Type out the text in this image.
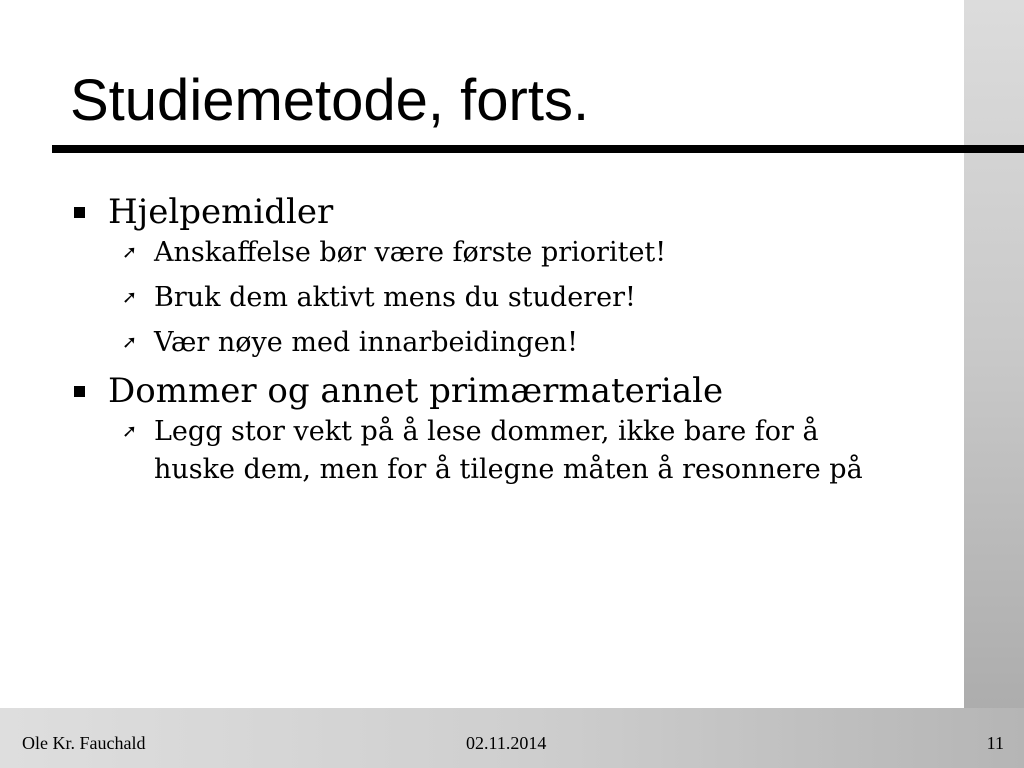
Studiemetode, forts.
Hjelpemidler
➚ Anskaffelse bør være første prioritet!
➚ Bruk dem aktivt mens du studerer!
➚ Vær nøye med innarbeidingen!
Dommer og annet primærmateriale
➚ Legg stor vekt på å lese dommer, ikke bare for å huske dem, men for å tilegne måten å resonnere på
Ole Kr. Fauchald	02.11.2014	11
